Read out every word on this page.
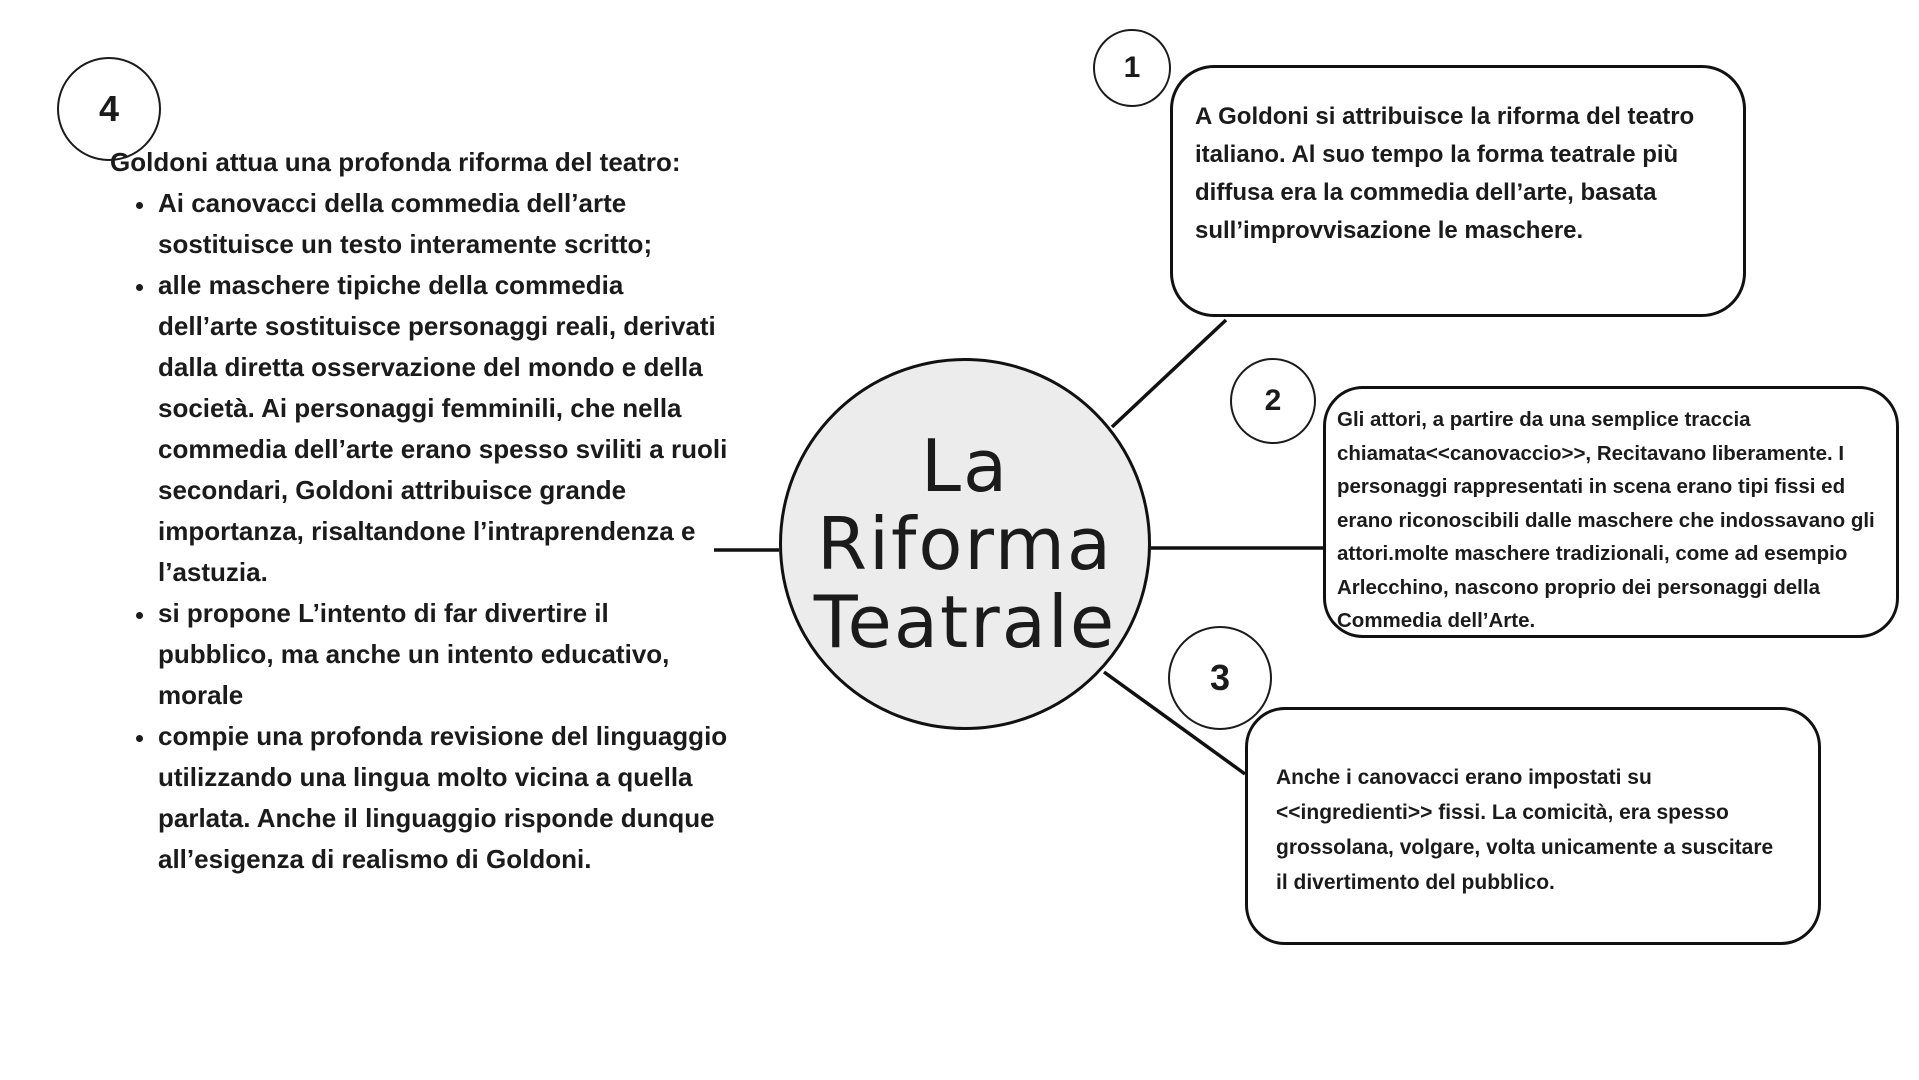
La
Riforma
Teatrale
1
A Goldoni si attribuisce la riforma del teatro italiano. Al suo tempo la forma teatrale più diffusa era la commedia dell’arte, basata sull’improvvisazione le maschere.
2
Gli attori, a partire da una semplice traccia chiamata<<canovaccio>>, Recitavano liberamente. I personaggi rappresentati in scena erano tipi fissi ed erano riconoscibili dalle maschere che indossavano gli attori.molte maschere tradizionali, come ad esempio Arlecchino, nascono proprio dei personaggi della Commedia dell’Arte.
3
Anche i canovacci erano impostati su <<ingredienti>> fissi. La comicità, era spesso grossolana, volgare, volta unicamente a suscitare il divertimento del pubblico.
4
Goldoni attua una profonda riforma del teatro:
• Ai canovacci della commedia dell’arte sostituisce un testo interamente scritto;
• alle maschere tipiche della commedia dell’arte sostituisce personaggi reali, derivati dalla diretta osservazione del mondo e della società. Ai personaggi femminili, che nella commedia dell’arte erano spesso sviliti a ruoli secondari, Goldoni attribuisce grande importanza, risaltandone l’intraprendenza e l’astuzia.
• si propone L’intento di far divertire il pubblico, ma anche un intento educativo, morale
• compie una profonda revisione del linguaggio utilizzando una lingua molto vicina a quella parlata. Anche il linguaggio risponde dunque all’esigenza di realismo di Goldoni.
